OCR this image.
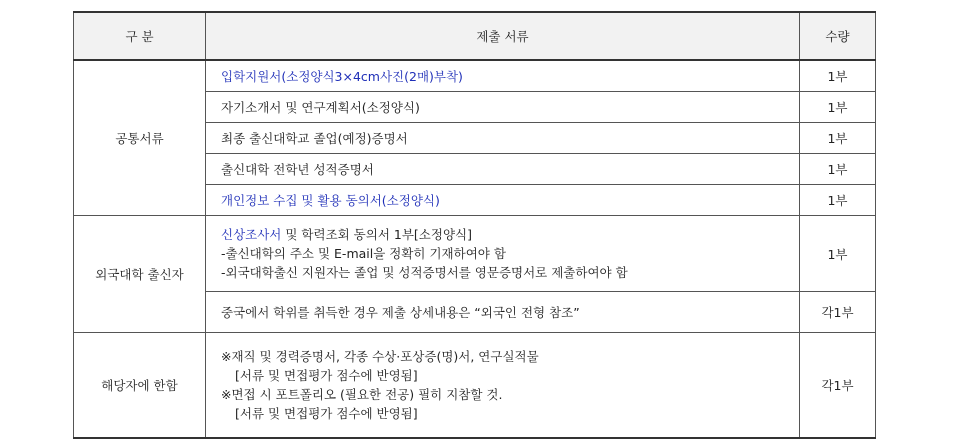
구 분	제출 서류	수량
공통서류	입학지원서(소정양식3×4cm사진(2매)부착)	1부
	자기소개서 및 연구계획서(소정양식)	1부
	최종 출신대학교 졸업(예정)증명서	1부
	출신대학 전학년 성적증명서	1부
	개인정보 수집 및 활용 동의서(소정양식)	1부
외국대학 출신자	신상조사서 및 학력조회 동의서 1부[소정양식]
-출신대학의 주소 및 E-mail을 정확히 기재하여야 함
-외국대학출신 지원자는 졸업 및 성적증명서를 영문증명서로 제출하여야 함	1부
	중국에서 학위를 취득한 경우 제출 상세내용은 “외국인 전형 참조”	각1부
해당자에 한함	※재직 및 경력증명서, 각종 수상·포상증(명)서, 연구실적물
[서류 및 면접평가 점수에 반영됨]
※면접 시 포트폴리오 (필요한 전공) 필히 지참할 것.
[서류 및 면접평가 점수에 반영됨]	각1부
